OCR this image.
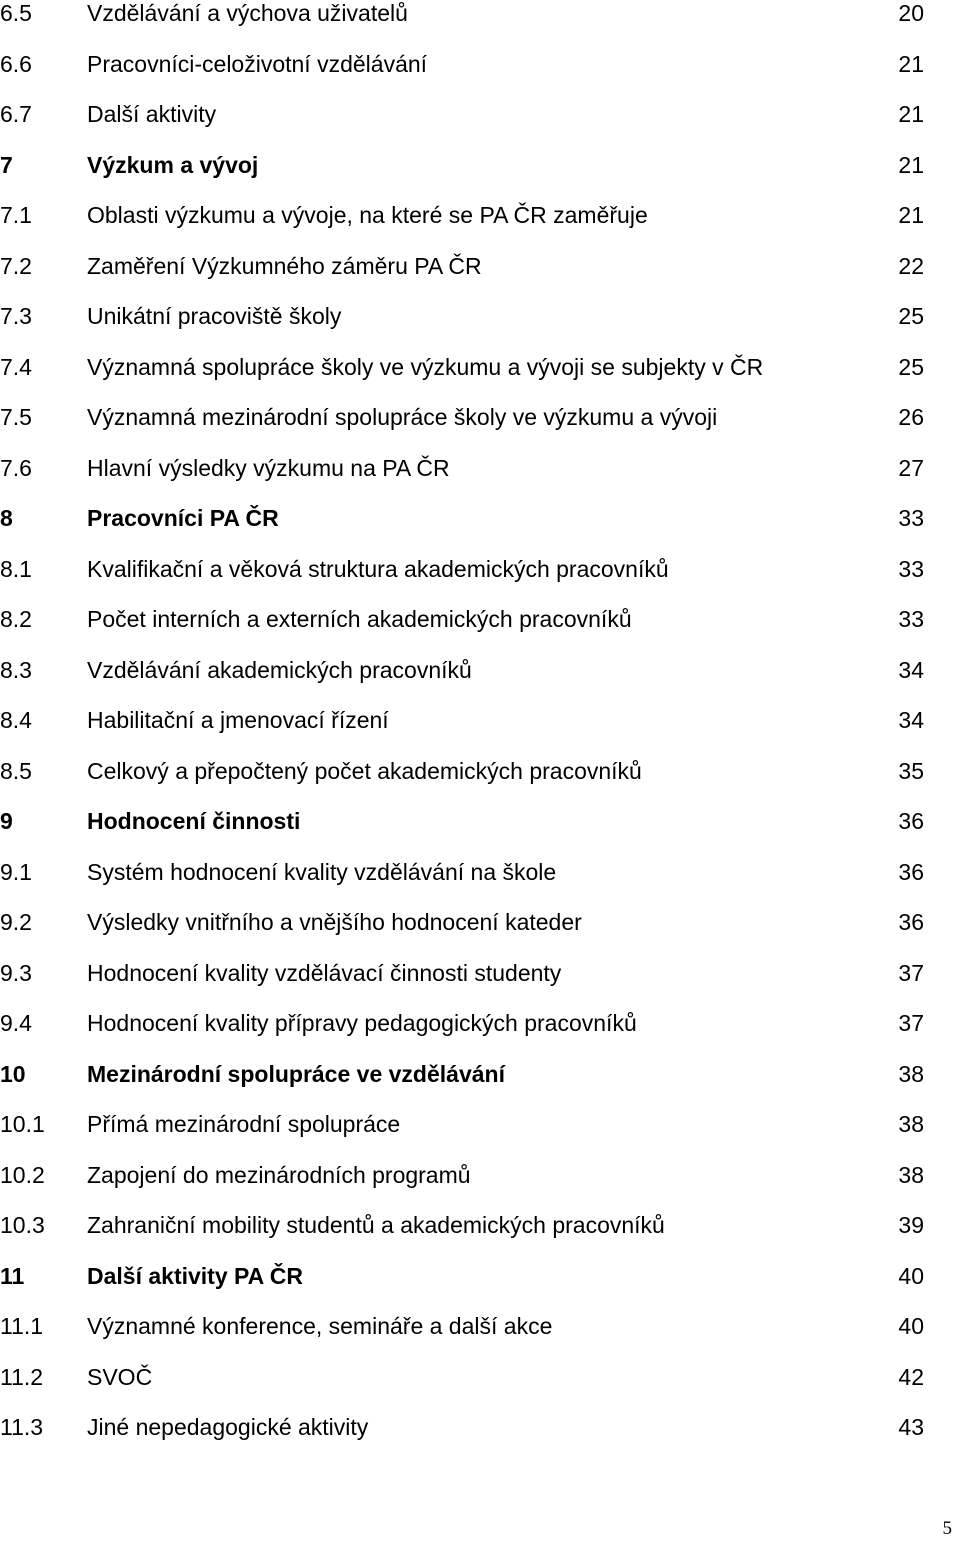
6.5 Vzdělávání a výchova uživatelů	20
6.6 Pracovníci-celoživotní vzdělávání	21
6.7 Další aktivity	21
7	Výzkum a vývoj	21
7.1 Oblasti výzkumu a vývoje, na které se PA ČR zaměřuje	21
7.2 Zaměření Výzkumného záměru PA ČR	22
7.3 Unikátní pracoviště školy	25
7.4 Významná spolupráce školy ve výzkumu a vývoji se subjekty v ČR	25
7.5 Významná mezinárodní spolupráce školy ve výzkumu a vývoji	26
7.6 Hlavní výsledky výzkumu na PA ČR	27
8	Pracovníci PA ČR	33
8.1 Kvalifikační a věková struktura akademických pracovníků	33
8.2 Počet interních a externích akademických pracovníků	33
8.3 Vzdělávání akademických pracovníků	34
8.4 Habilitační a jmenovací řízení	34
8.5 Celkový a přepočtený počet akademických pracovníků	35
9	Hodnocení činnosti	36
9.1 Systém hodnocení kvality vzdělávání na škole	36
9.2 Výsledky vnitřního a vnějšího hodnocení kateder	36
9.3 Hodnocení kvality vzdělávací činnosti studenty	37
9.4 Hodnocení kvality přípravy pedagogických pracovníků	37
10	Mezinárodní spolupráce ve vzdělávání	38
10.1 Přímá mezinárodní spolupráce	38
10.2 Zapojení do mezinárodních programů	38
10.3 Zahraniční mobility studentů a akademických pracovníků	39
11	Další aktivity PA ČR	40
11.1 Významné konference, semináře a další akce	40
11.2 SVOČ	42
11.3 Jiné nepedagogické aktivity	43
5
